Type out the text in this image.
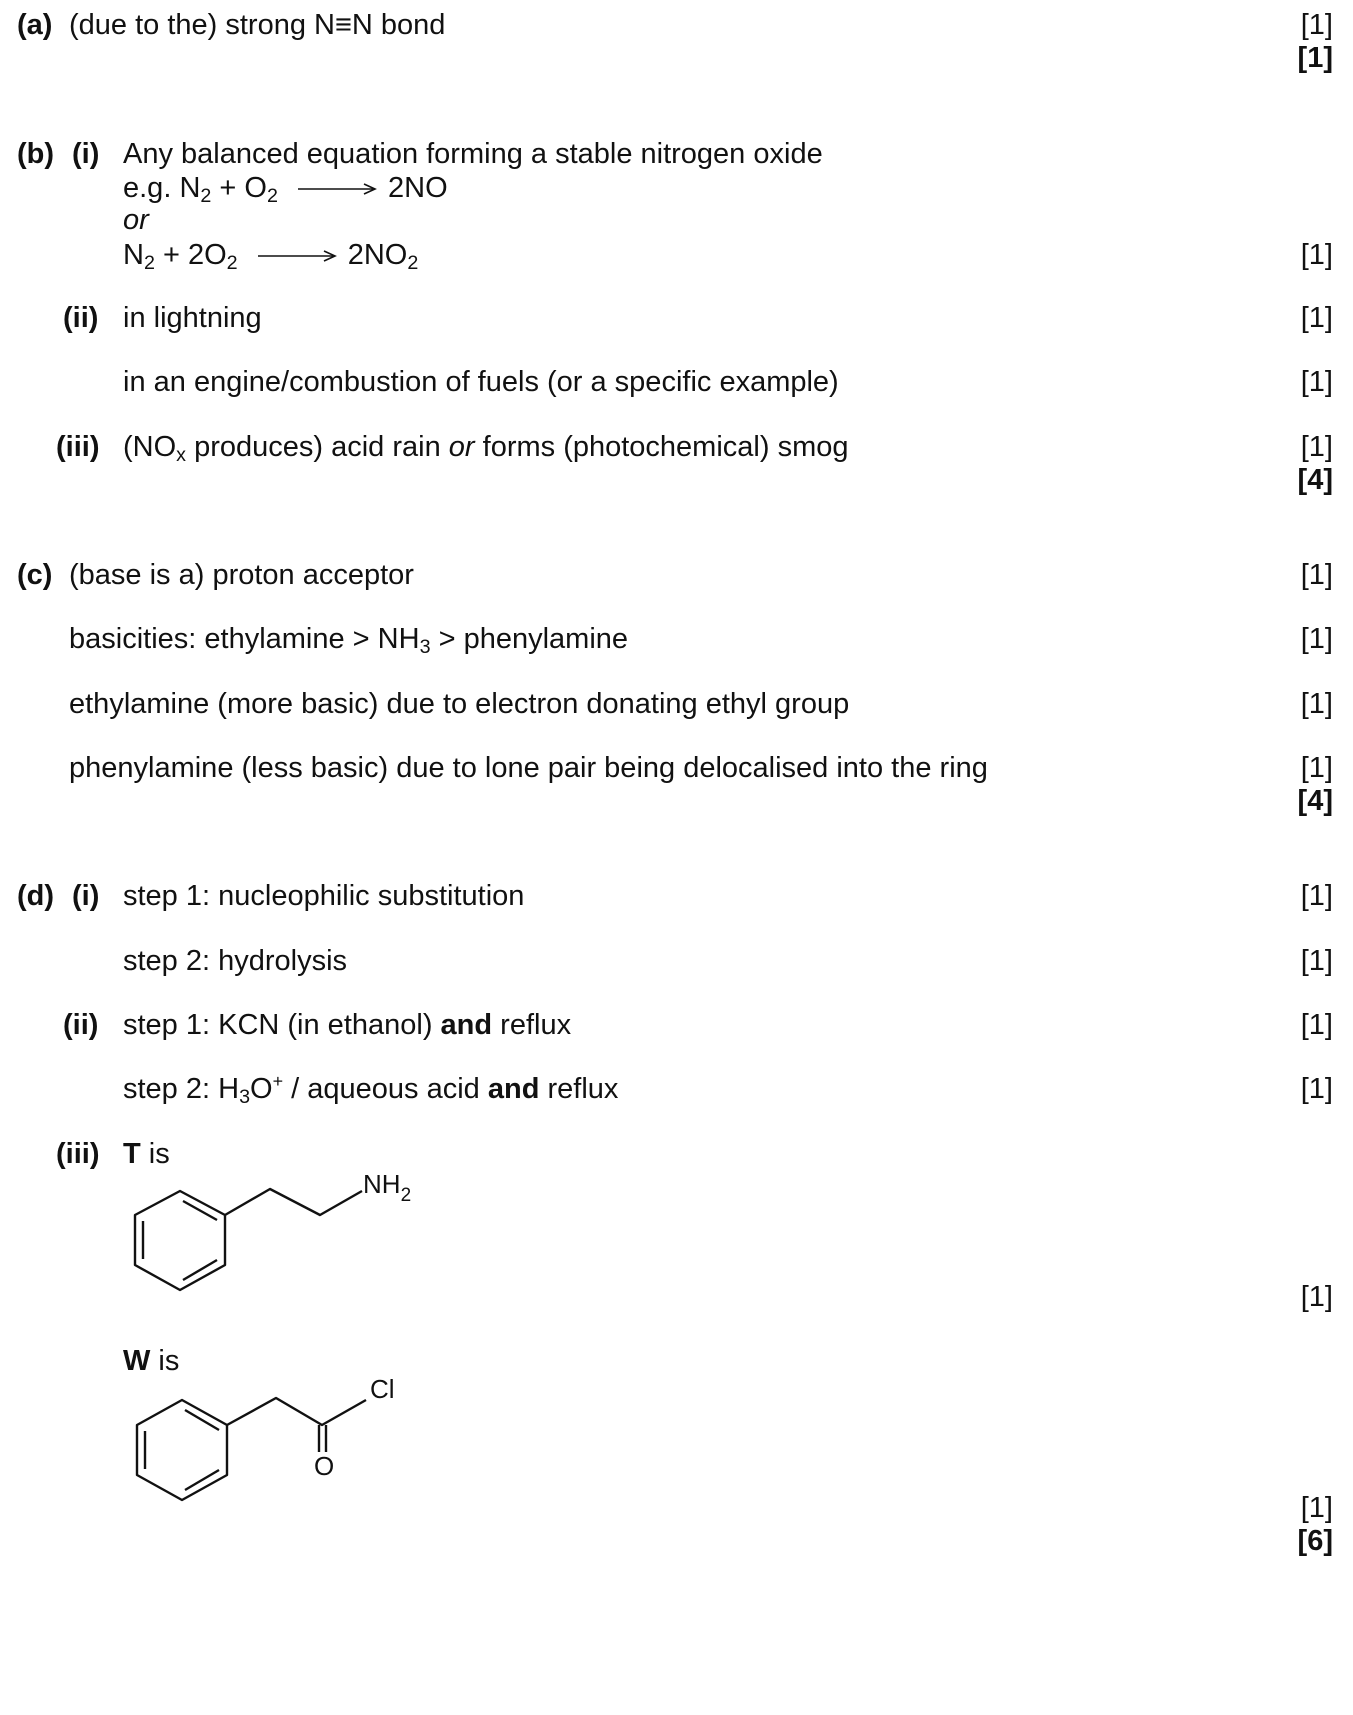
(a) (due to the) strong N≡N bond	[1]
[1]
(b) (i) Any balanced equation forming a stable nitrogen oxide
e.g. $N_2 + O_2 \to 2NO$
or
$N_2 + 2O_2 \to 2NO_2$	[1]
(ii) in lightning	[1]
in an engine/combustion of fuels (or a specific example)	[1]
(iii) ($NO_x$ produces) acid rain or forms (photochemical) smog	[1]
[4]
(c) (base is a) proton acceptor	[1]
basicities: ethylamine > $NH_3$ > phenylamine	[1]
ethylamine (more basic) due to electron donating ethyl group	[1]
phenylamine (less basic) due to lone pair being delocalised into the ring	[1]
[4]
(d) (i) step 1: nucleophilic substitution	[1]
step 2: hydrolysis	[1]
(ii) step 1: KCN (in ethanol) and reflux	[1]
step 2: $H_3O^+$ / aqueous acid and reflux	[1]
(iii) T is
$NH_2$
[1]
W is
Cl
O
[1]
[6]
